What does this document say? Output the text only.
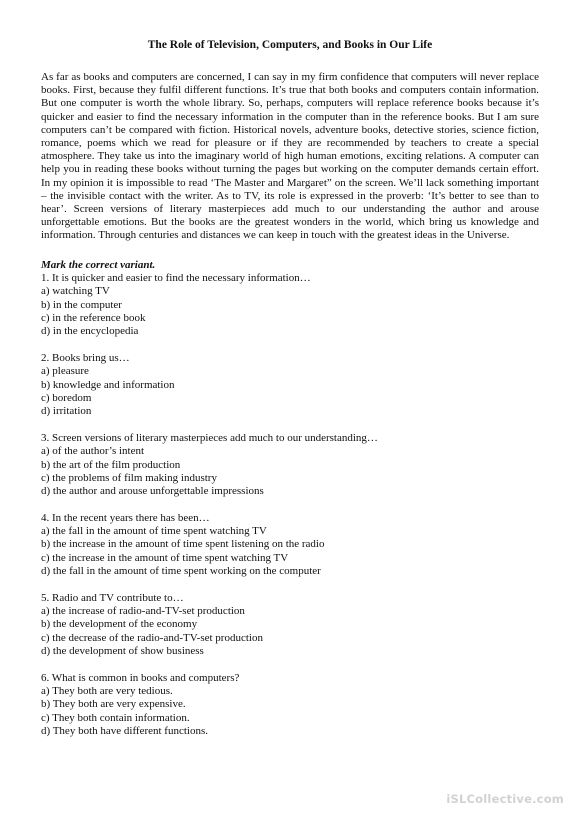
The Role of Television, Computers, and Books in Our Life

As far as books and computers are concerned, I can say in my firm confidence that computers will never replace books. First, because they fulfil different functions. It’s true that both books and computers contain information. But one computer is worth the whole library. So, perhaps, computers will replace reference books because it’s quicker and easier to find the necessary information in the computer than in the reference books. But I am sure computers can’t be compared with fiction. Historical novels, adventure books, detective stories, science fiction, romance, poems which we read for pleasure or if they are recommended by teachers to create a special atmosphere. They take us into the imaginary world of high human emotions, exciting relations. A computer can help you in reading these books without turning the pages but working on the computer demands certain effort. In my opinion it is impossible to read ‘The Master and Margaret” on the screen. We’ll lack something important – the invisible contact with the writer. As to TV, its role is expressed in the proverb: ‘It’s better to see than to hear’. Screen versions of literary masterpieces add much to our understanding the author and arouse unforgettable emotions. But the books are the greatest wonders in the world, which bring us knowledge and information. Through centuries and distances we can keep in touch with the greatest ideas in the Universe.

Mark the correct variant.

1. It is quicker and easier to find the necessary information…
a) watching TV
b) in the computer
c) in the reference book
d) in the encyclopedia
2. Books bring us…
a) pleasure
b) knowledge and information
c) boredom
d) irritation
3. Screen versions of literary masterpieces add much to our understanding…
a) of the author’s intent
b) the art of the film production
c) the problems of film making industry
d) the author and arouse unforgettable impressions
4. In the recent years there has been…
a) the fall in the amount of time spent watching TV
b) the increase in the amount of time spent listening on the radio
c) the increase in the amount of time spent watching TV
d) the fall in the amount of time spent working on the computer
5. Radio and TV contribute to…
a) the increase of radio-and-TV-set production
b) the development of the economy
c) the decrease of the radio-and-TV-set production
d) the development of show business
6. What is common in books and computers?
a) They both are very tedious.
b) They both are very expensive.
c) They both contain information.
d) They both have different functions.
iSLCollective.com
